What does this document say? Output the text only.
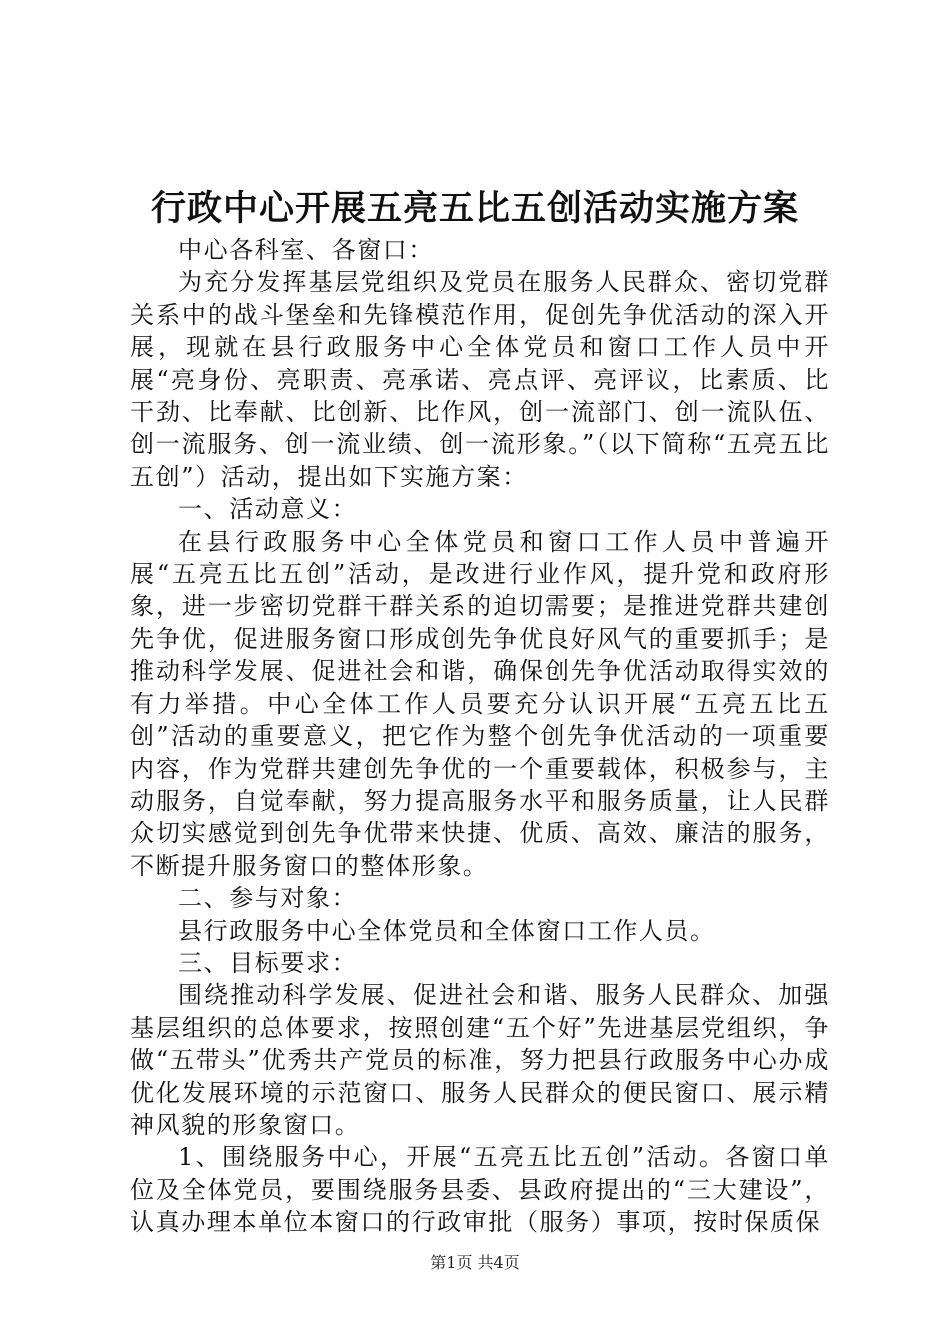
行政中心开展五亮五比五创活动实施方案

中心各科室、各窗口：

为充分发挥基层党组织及党员在服务人民群众、密切党群关系中的战斗堡垒和先锋模范作用，促创先争优活动的深入开展，现就在县行政服务中心全体党员和窗口工作人员中开展“亮身份、亮职责、亮承诺、亮点评、亮评议，比素质、比干劲、比奉献、比创新、比作风，创一流部门、创一流队伍、创一流服务、创一流业绩、创一流形象。”（以下简称“五亮五比五创”）活动，提出如下实施方案：

一、活动意义：

在县行政服务中心全体党员和窗口工作人员中普遍开展“五亮五比五创”活动，是改进行业作风，提升党和政府形象，进一步密切党群干群关系的迫切需要；是推进党群共建创先争优，促进服务窗口形成创先争优良好风气的重要抓手；是推动科学发展、促进社会和谐，确保创先争优活动取得实效的有力举措。中心全体工作人员要充分认识开展“五亮五比五创”活动的重要意义，把它作为整个创先争优活动的一项重要内容，作为党群共建创先争优的一个重要载体，积极参与，主动服务，自觉奉献，努力提高服务水平和服务质量，让人民群众切实感觉到创先争优带来快捷、优质、高效、廉洁的服务，不断提升服务窗口的整体形象。

二、参与对象：

县行政服务中心全体党员和全体窗口工作人员。

三、目标要求：

围绕推动科学发展、促进社会和谐、服务人民群众、加强基层组织的总体要求，按照创建“五个好”先进基层党组织，争做“五带头”优秀共产党员的标准，努力把县行政服务中心办成优化发展环境的示范窗口、服务人民群众的便民窗口、展示精神风貌的形象窗口。

1、围绕服务中心，开展“五亮五比五创”活动。各窗口单位及全体党员，要围绕服务县委、县政府提出的“三大建设”，认真办理本单位本窗口的行政审批（服务）事项，按时保质保

第1页 共4页
